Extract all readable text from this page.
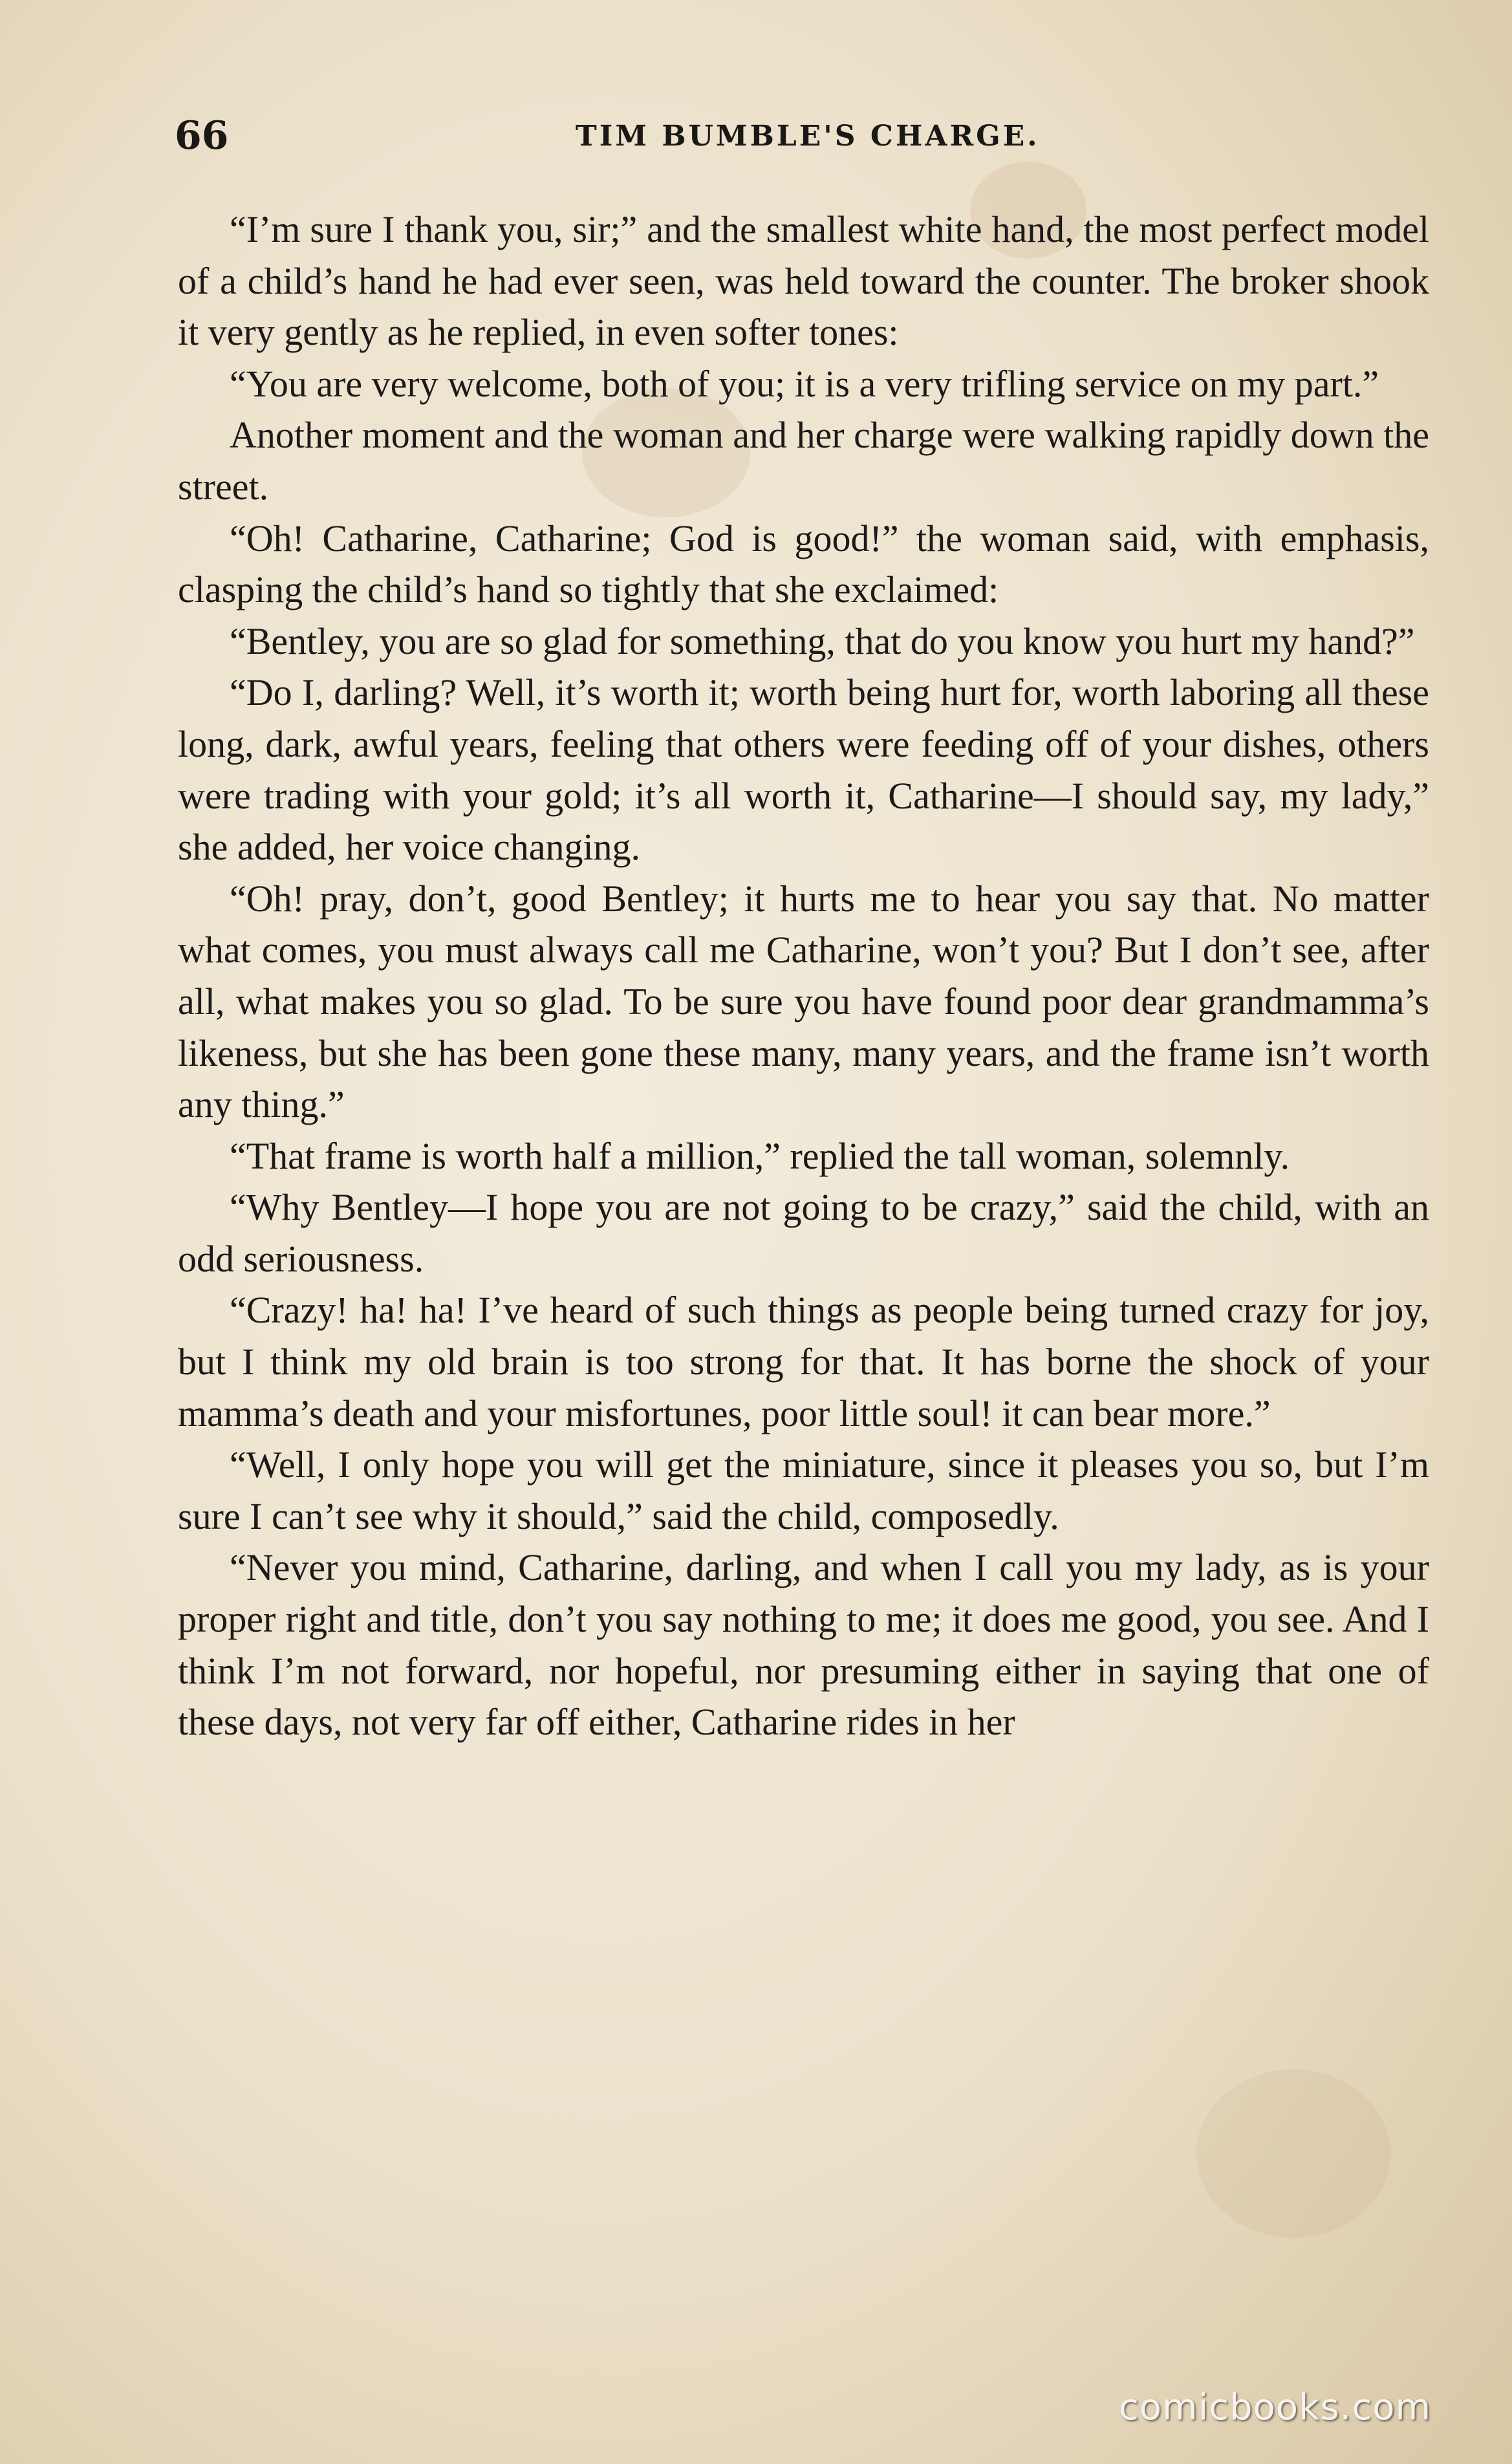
66	TIM BUMBLE'S CHARGE.

“I’m sure I thank you, sir;” and the smallest white hand, the most perfect model of a child’s hand he had ever seen, was held toward the counter. The broker shook it very gently as he replied, in even softer tones:

“You are very welcome, both of you; it is a very trifling service on my part.”

Another moment and the woman and her charge were walking rapidly down the street.

“Oh! Catharine, Catharine; God is good!” the woman said, with emphasis, clasping the child’s hand so tightly that she exclaimed:

“Bentley, you are so glad for something, that do you know you hurt my hand?”

“Do I, darling? Well, it’s worth it; worth being hurt for, worth laboring all these long, dark, awful years, feeling that others were feeding off of your dishes, others were trading with your gold; it’s all worth it, Catharine—I should say, my lady,” she added, her voice changing.

“Oh! pray, don’t, good Bentley; it hurts me to hear you say that. No matter what comes, you must always call me Catharine, won’t you? But I don’t see, after all, what makes you so glad. To be sure you have found poor dear grandmamma’s likeness, but she has been gone these many, many years, and the frame isn’t worth any thing.”

“That frame is worth half a million,” replied the tall woman, solemnly.

“Why Bentley—I hope you are not going to be crazy,” said the child, with an odd seriousness.

“Crazy! ha! ha! I’ve heard of such things as people being turned crazy for joy, but I think my old brain is too strong for that. It has borne the shock of your mamma’s death and your misfortunes, poor little soul! it can bear more.”

“Well, I only hope you will get the miniature, since it pleases you so, but I’m sure I can’t see why it should,” said the child, composedly.

“Never you mind, Catharine, darling, and when I call you my lady, as is your proper right and title, don’t you say nothing to me; it does me good, you see. And I think I’m not forward, nor hopeful, nor presuming either in saying that one of these days, not very far off either, Catharine rides in her

comicbooks.com
